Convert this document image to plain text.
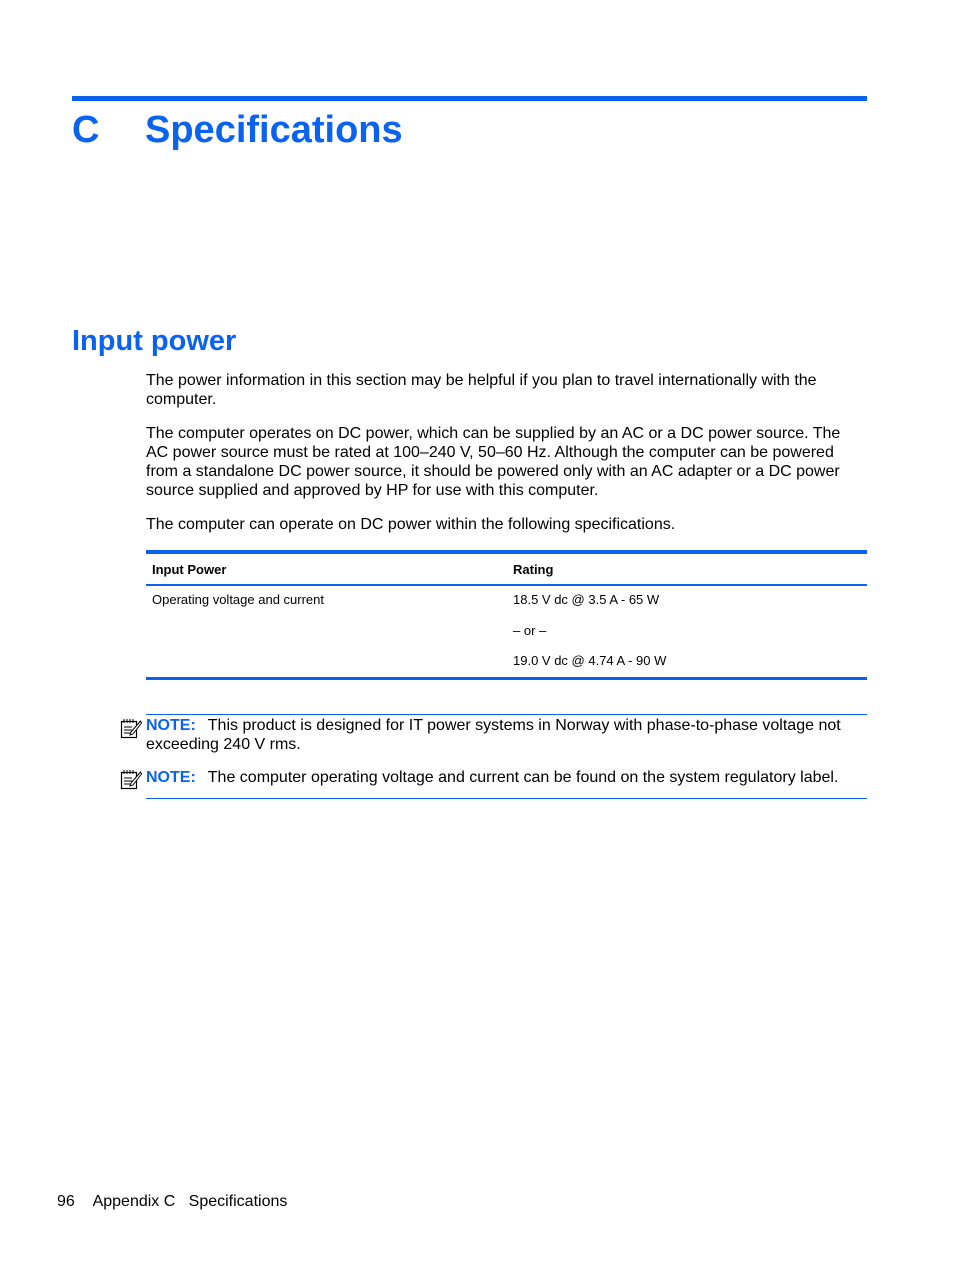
C Specifications
Input power

The power information in this section may be helpful if you plan to travel internationally with the computer.

The computer operates on DC power, which can be supplied by an AC or a DC power source. The AC power source must be rated at 100–240 V, 50–60 Hz. Although the computer can be powered from a standalone DC power source, it should be powered only with an AC adapter or a DC power source supplied and approved by HP for use with this computer.

The computer can operate on DC power within the following specifications.

Input Power	Rating
Operating voltage and current	18.5 V dc @ 3.5 A - 65 W
– or –
19.0 V dc @ 4.74 A - 90 W
NOTE: This product is designed for IT power systems in Norway with phase-to-phase voltage not exceeding 240 V rms.
NOTE: The computer operating voltage and current can be found on the system regulatory label.
96 Appendix C Specifications
